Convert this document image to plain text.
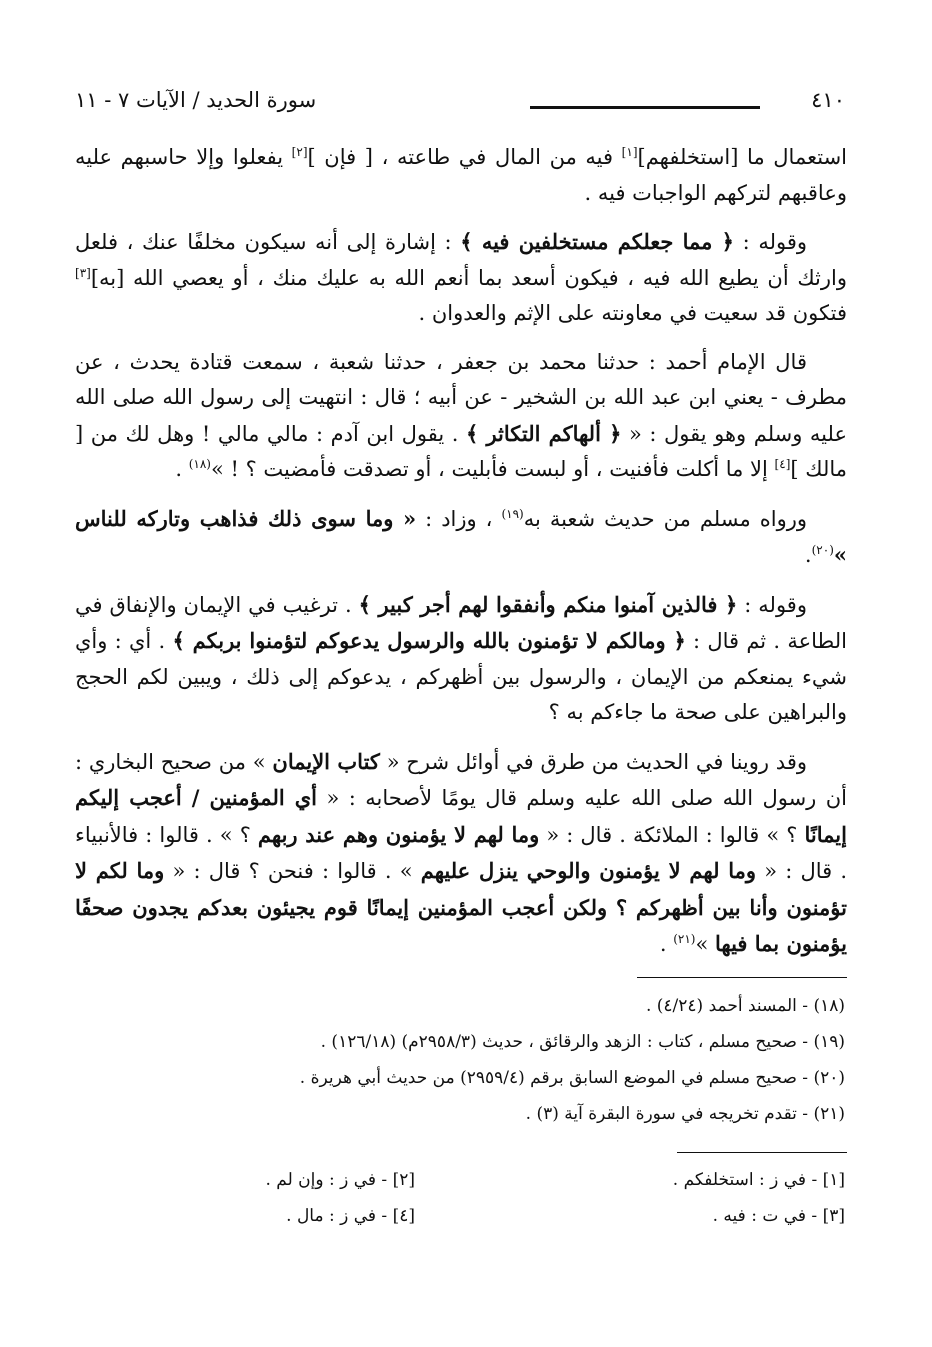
٤١٠
سورة الحديد / الآيات ٧ - ١١

استعمال ما [استخلفهم][١] فيه من المال في طاعته ، [ فإن ][٢] يفعلوا وإلا حاسبهم عليه وعاقبهم لتركهم الواجبات فيه .

وقوله : ﴿ مما جعلكم مستخلفين فيه ﴾ : إشارة إلى أنه سيكون مخلفًا عنك ، فلعل وارثك أن يطيع الله فيه ، فيكون أسعد بما أنعم الله به عليك منك ، أو يعصي الله [به][٣] فتكون قد سعيت في معاونته على الإثم والعدوان .

قال الإمام أحمد : حدثنا محمد بن جعفر ، حدثنا شعبة ، سمعت قتادة يحدث ، عن مطرف - يعني ابن عبد الله بن الشخير - عن أبيه ؛ قال : انتهيت إلى رسول الله صلى الله عليه وسلم وهو يقول : « ﴿ ألهاكم التكاثر ﴾ . يقول ابن آدم : مالي مالي ! وهل لك من [ مالك ][٤] إلا ما أكلت فأفنيت ، أو لبست فأبليت ، أو تصدقت فأمضيت ؟ ! »$^{(١٨)}$ .

ورواه مسلم من حديث شعبة به$^{(١٩)}$ ، وزاد : « وما سوى ذلك فذاهب وتاركه للناس »$^{(٢٠)}$.

وقوله : ﴿ فالذين آمنوا منكم وأنفقوا لهم أجر كبير ﴾ . ترغيب في الإيمان والإنفاق في الطاعة . ثم قال : ﴿ ومالكم لا تؤمنون بالله والرسول يدعوكم لتؤمنوا بربكم ﴾ . أي : وأي شيء يمنعكم من الإيمان ، والرسول بين أظهركم ، يدعوكم إلى ذلك ، ويبين لكم الحجج والبراهين على صحة ما جاءكم به ؟

وقد روينا في الحديث من طرق في أوائل شرح « كتاب الإيمان » من صحيح البخاري : أن رسول الله صلى الله عليه وسلم قال يومًا لأصحابه : « أي المؤمنين / أعجب إليكم إيمانًا ؟ » قالوا : الملائكة . قال : « وما لهم لا يؤمنون وهم عند ربهم ؟ » . قالوا : فالأنبياء . قال : « وما لهم لا يؤمنون والوحي ينزل عليهم » . قالوا : فنحن ؟ قال : « وما لكم لا تؤمنون وأنا بين أظهركم ؟ ولكن أعجب المؤمنين إيمانًا قوم يجيئون بعدكم يجدون صحفًا يؤمنون بما فيها »$^{(٢١)}$ .

(١٨) - المسند أحمد (٤/٢٤) .

(١٩) - صحيح مسلم ، كتاب : الزهد والرقائق ، حديث (٢٩٥٨/٣م) (١٢٦/١٨) .

(٢٠) - صحيح مسلم في الموضع السابق برقم (٢٩٥٩/٤) من حديث أبي هريرة .

(٢١) - تقدم تخريجه في سورة البقرة آية (٣) .

[١] - في ز : استخلفكم .
[٣] - في ت : فيه .
[٢] - في ز : وإن لم .
[٤] - في ز : مال .
